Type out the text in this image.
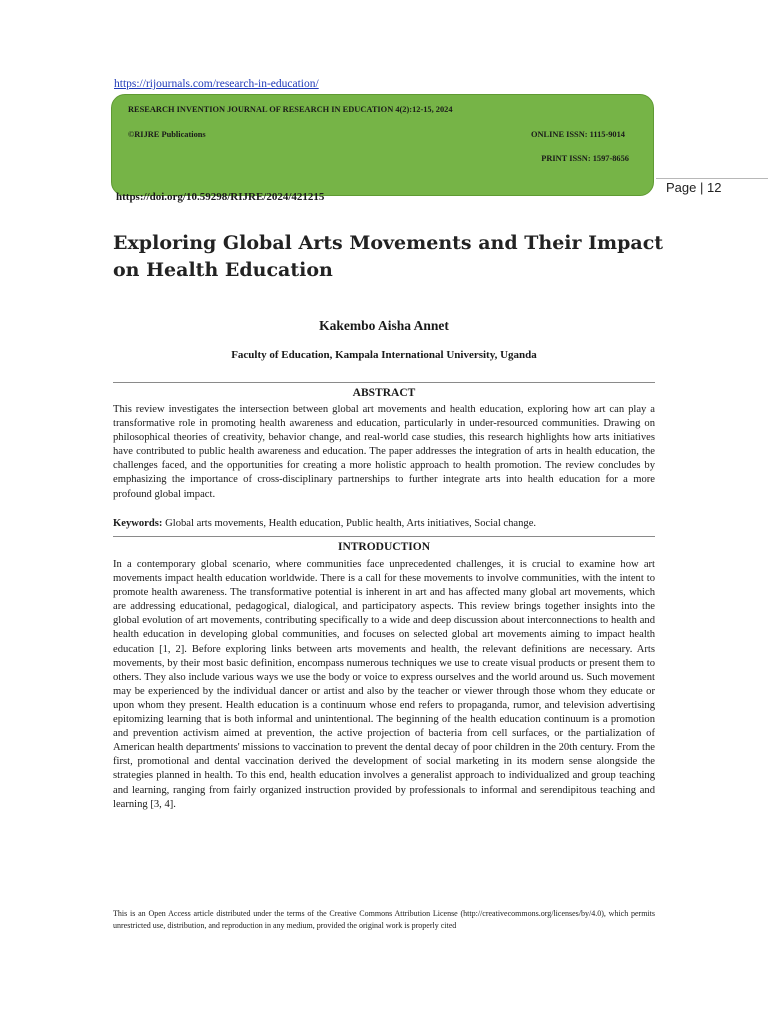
https://rijournals.com/research-in-education/
RESEARCH INVENTION JOURNAL OF RESEARCH IN EDUCATION 4(2):12-15, 2024
©RIJRE Publications	ONLINE ISSN: 1115-9014
PRINT ISSN: 1597-8656
Page | 12
https://doi.org/10.59298/RIJRE/2024/421215
Exploring Global Arts Movements and Their Impact on Health Education
Kakembo Aisha Annet
Faculty of Education, Kampala International University, Uganda
ABSTRACT

This review investigates the intersection between global art movements and health education, exploring how art can play a transformative role in promoting health awareness and education, particularly in under-resourced communities. Drawing on philosophical theories of creativity, behavior change, and real-world case studies, this research highlights how arts initiatives have contributed to public health awareness and education. The paper addresses the integration of arts in health education, the challenges faced, and the opportunities for creating a more holistic approach to health promotion. The review concludes by emphasizing the importance of cross-disciplinary partnerships to further integrate arts into health education for a more profound global impact.

Keywords: Global arts movements, Health education, Public health, Arts initiatives, Social change.

INTRODUCTION

In a contemporary global scenario, where communities face unprecedented challenges, it is crucial to examine how art movements impact health education worldwide. There is a call for these movements to involve communities, with the intent to promote health awareness. The transformative potential is inherent in art and has affected many global art movements, which are addressing educational, pedagogical, dialogical, and participatory aspects. This review brings together insights into the global evolution of art movements, contributing specifically to a wide and deep discussion about interconnections to health and health education in developing global communities, and focuses on selected global art movements aiming to impact health education [1, 2]. Before exploring links between arts movements and health, the relevant definitions are necessary. Arts movements, by their most basic definition, encompass numerous techniques we use to create visual products or present them to others. They also include various ways we use the body or voice to express ourselves and the world around us. Such movement may be experienced by the individual dancer or artist and also by the teacher or viewer through those whom they educate or upon whom they present. Health education is a continuum whose end refers to propaganda, rumor, and television advertising epitomizing learning that is both informal and unintentional. The beginning of the health education continuum is a promotion and prevention activism aimed at prevention, the active projection of bacteria from cell surfaces, or the partialization of American health departments' missions to vaccination to prevent the dental decay of poor children in the 20th century. From the first, promotional and dental vaccination derived the development of social marketing in its modern sense alongside the strategies planned in health. To this end, health education involves a generalist approach to individualized and group teaching and learning, ranging from fairly organized instruction provided by professionals to informal and serendipitous teaching and learning [3, 4].

This is an Open Access article distributed under the terms of the Creative Commons Attribution License (http://creativecommons.org/licenses/by/4.0), which permits unrestricted use, distribution, and reproduction in any medium, provided the original work is properly cited
